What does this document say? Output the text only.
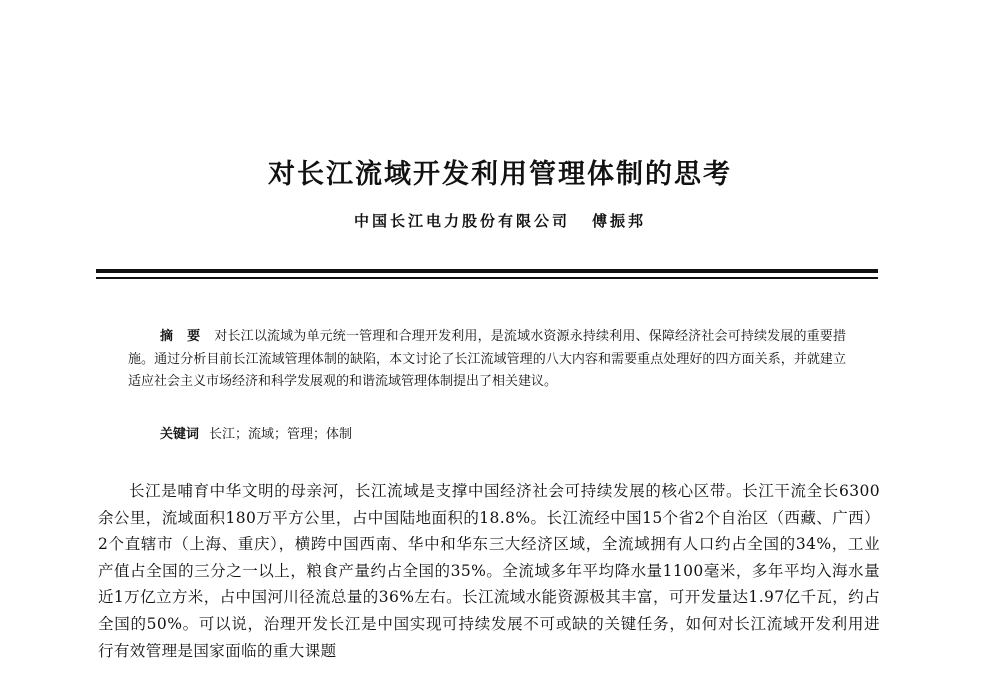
对长江流域开发利用管理体制的思考
中国长江电力股份有限公司 傅振邦

摘要对长江以流域为单元统一管理和合理开发利用，是流域水资源永持续利用、保障经济社会可持续发展的重要措施。通过分析目前长江流域管理体制的缺陷，本文讨论了长江流域管理的八大内容和需要重点处理好的四方面关系，并就建立适应社会主义市场经济和科学发展观的和谐流域管理体制提出了相关建议。

关键词 长江；流域；管理；体制

长江是哺育中华文明的母亲河，长江流域是支撑中国经济社会可持续发展的核心区带。长江干流全长6300余公里，流域面积180万平方公里，占中国陆地面积的18.8%。长江流经中国15个省2个自治区（西藏、广西）2个直辖市（上海、重庆），横跨中国西南、华中和华东三大经济区域，全流域拥有人口约占全国的34%，工业产值占全国的三分之一以上，粮食产量约占全国的35%。全流域多年平均降水量1100毫米，多年平均入海水量近1万亿立方米，占中国河川径流总量的36%左右。长江流域水能资源极其丰富，可开发量达1.97亿千瓦，约占全国的50%。可以说，治理开发长江是中国实现可持续发展不可或缺的关键任务，如何对长江流域开发利用进行有效管理是国家面临的重大课题
